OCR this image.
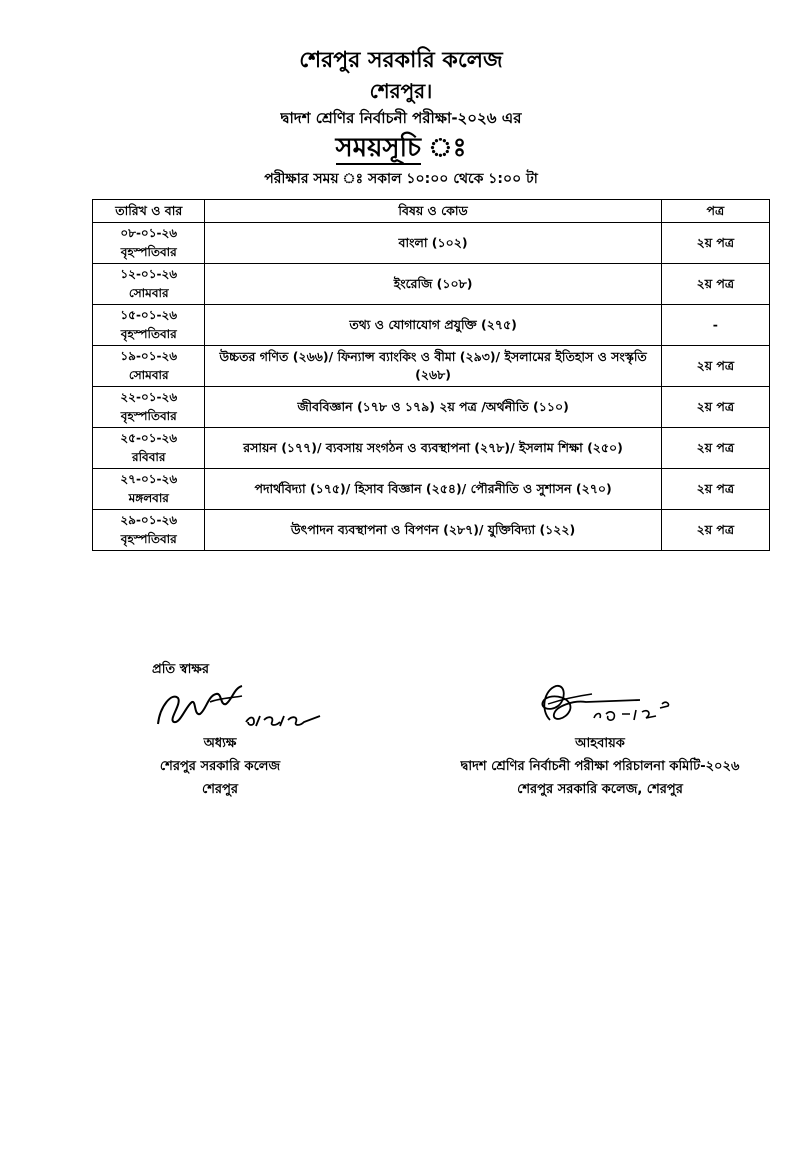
শেরপুর সরকারি কলেজ
শেরপুর।
দ্বাদশ শ্রেণির নির্বাচনী পরীক্ষা-২০২৬ এর
সময়সূচি ঃ
পরীক্ষার সময় ঃ সকাল ১০:০০ থেকে ১:০০ টা
তারিখ ও বার	বিষয় ও কোড	পত্র

০৮-০১-২৬
বৃহস্পতিবার	বাংলা (১০২)	২য় পত্র

১২-০১-২৬
সোমবার	ইংরেজি (১০৮)	২য় পত্র

১৫-০১-২৬
বৃহস্পতিবার	তথ্য ও যোগাযোগ প্রযুক্তি (২৭৫)	-

১৯-০১-২৬
সোমবার	উচ্চতর গণিত (২৬৬)/ ফিন্যান্স ব্যাংকিং ও বীমা (২৯৩)/ ইসলামের ইতিহাস ও সংস্কৃতি (২৬৮)	২য় পত্র

২২-০১-২৬
বৃহস্পতিবার	জীববিজ্ঞান (১৭৮ ও ১৭৯) ২য় পত্র /অর্থনীতি (১১০)	২য় পত্র

২৫-০১-২৬
রবিবার	রসায়ন (১৭৭)/ ব্যবসায় সংগঠন ও ব্যবস্থাপনা (২৭৮)/ ইসলাম শিক্ষা (২৫০)	২য় পত্র

২৭-০১-২৬
মঙ্গলবার	পদার্থবিদ্যা (১৭৫)/ হিসাব বিজ্ঞান (২৫৪)/ পৌরনীতি ও সুশাসন (২৭০)	২য় পত্র

২৯-০১-২৬
বৃহস্পতিবার	উৎপাদন ব্যবস্থাপনা ও বিপণন (২৮৭)/ যুক্তিবিদ্যা (১২২)	২য় পত্র
প্রতি স্বাক্ষর
অধ্যক্ষ
শেরপুর সরকারি কলেজ
শেরপুর
আহবায়ক
দ্বাদশ শ্রেণির নির্বাচনী পরীক্ষা পরিচালনা কমিটি-২০২৬
শেরপুর সরকারি কলেজ, শেরপুর
